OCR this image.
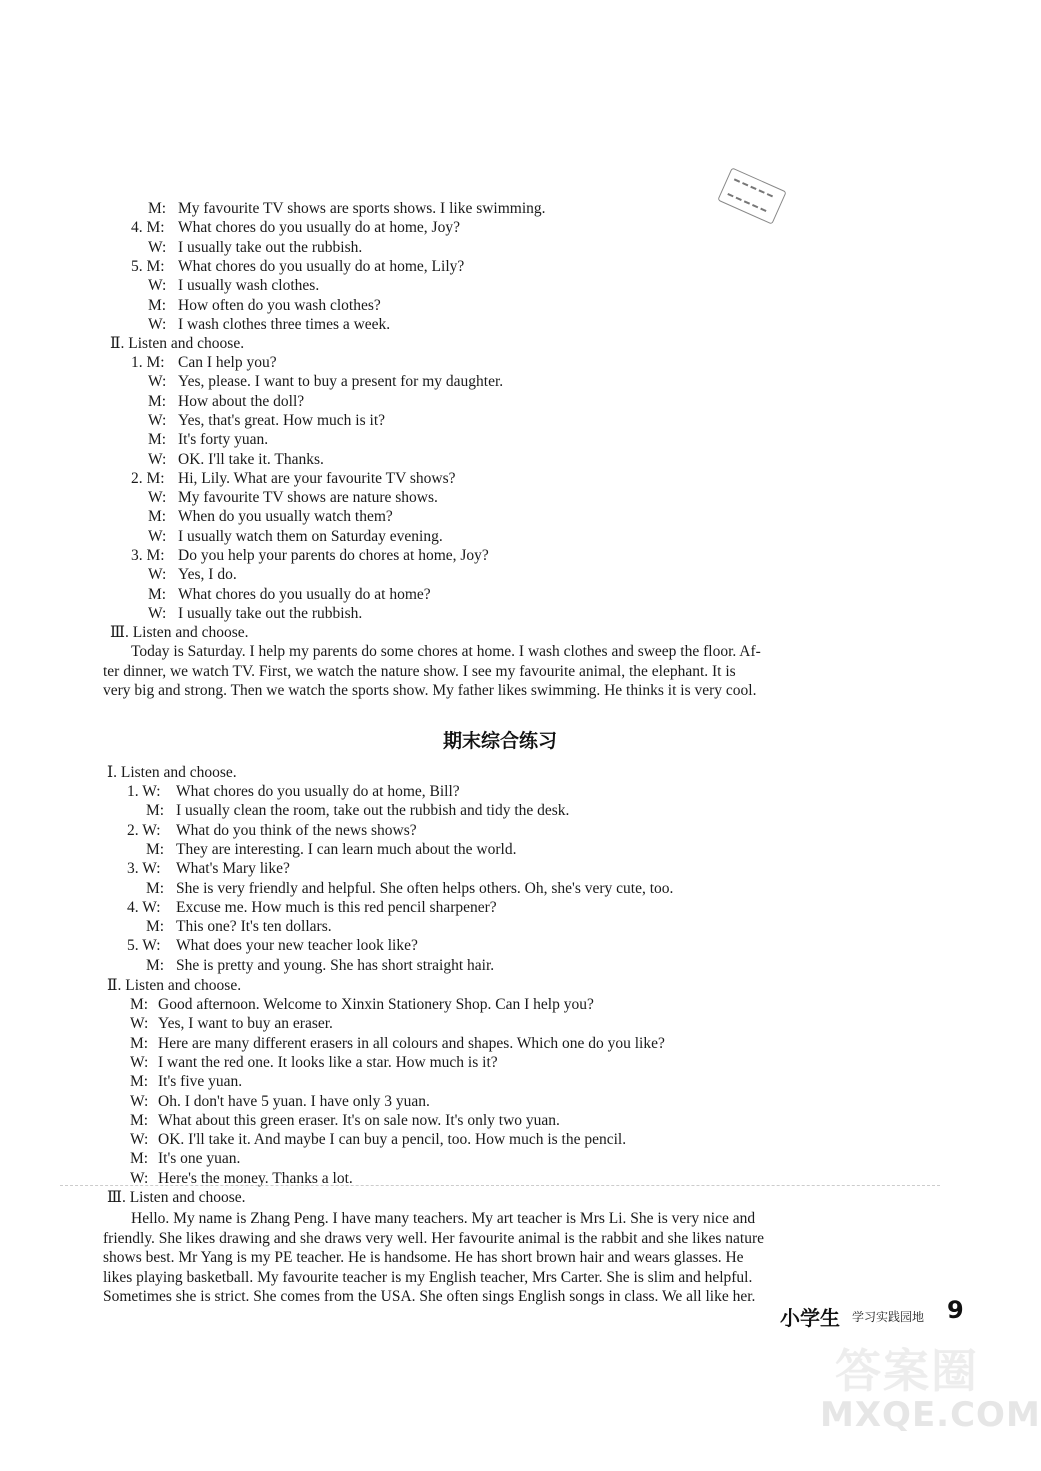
M: My favourite TV shows are sports shows. I like swimming.
4. M: What chores do you usually do at home, Joy?
W: I usually take out the rubbish.
5. M: What chores do you usually do at home, Lily?
W: I usually wash clothes.
M: How often do you wash clothes?
W: I wash clothes three times a week.
Ⅱ. Listen and choose.
1. M: Can I help you?
W: Yes, please. I want to buy a present for my daughter.
M: How about the doll?
W: Yes, that's great. How much is it?
M: It's forty yuan.
W: OK. I'll take it. Thanks.
2. M: Hi, Lily. What are your favourite TV shows?
W: My favourite TV shows are nature shows.
M: When do you usually watch them?
W: I usually watch them on Saturday evening.
3. M: Do you help your parents do chores at home, Joy?
W: Yes, I do.
M: What chores do you usually do at home?
W: I usually take out the rubbish.
Ⅲ. Listen and choose.
Today is Saturday. I help my parents do some chores at home. I wash clothes and sweep the floor. Af-
ter dinner, we watch TV. First, we watch the nature show. I see my favourite animal, the elephant. It is
very big and strong. Then we watch the sports show. My father likes swimming. He thinks it is very cool.
Ⅰ. Listen and choose.
1. W: What chores do you usually do at home, Bill?
M: I usually clean the room, take out the rubbish and tidy the desk.
2. W: What do you think of the news shows?
M: They are interesting. I can learn much about the world.
3. W: What's Mary like?
M: She is very friendly and helpful. She often helps others. Oh, she's very cute, too.
4. W: Excuse me. How much is this red pencil sharpener?
M: This one? It's ten dollars.
5. W: What does your new teacher look like?
M: She is pretty and young. She has short straight hair.
Ⅱ. Listen and choose.
M: Good afternoon. Welcome to Xinxin Stationery Shop. Can I help you?
W: Yes, I want to buy an eraser.
M: Here are many different erasers in all colours and shapes. Which one do you like?
W: I want the red one. It looks like a star. How much is it?
M: It's five yuan.
W: Oh. I don't have 5 yuan. I have only 3 yuan.
M: What about this green eraser. It's on sale now. It's only two yuan.
W: OK. I'll take it. And maybe I can buy a pencil, too. How much is the pencil.
M: It's one yuan.
W: Here's the money. Thanks a lot.
Ⅲ. Listen and choose.
Hello. My name is Zhang Peng. I have many teachers. My art teacher is Mrs Li. She is very nice and
friendly. She likes drawing and she draws very well. Her favourite animal is the rabbit and she likes nature
shows best. Mr Yang is my PE teacher. He is handsome. He has short brown hair and wears glasses. He
likes playing basketball. My favourite teacher is my English teacher, Mrs Carter. She is slim and helpful.
Sometimes she is strict. She comes from the USA. She often sings English songs in class. We all like her.
期末综合练习
小学生 学习实践园地 9
答案圈
MXQE.COM
